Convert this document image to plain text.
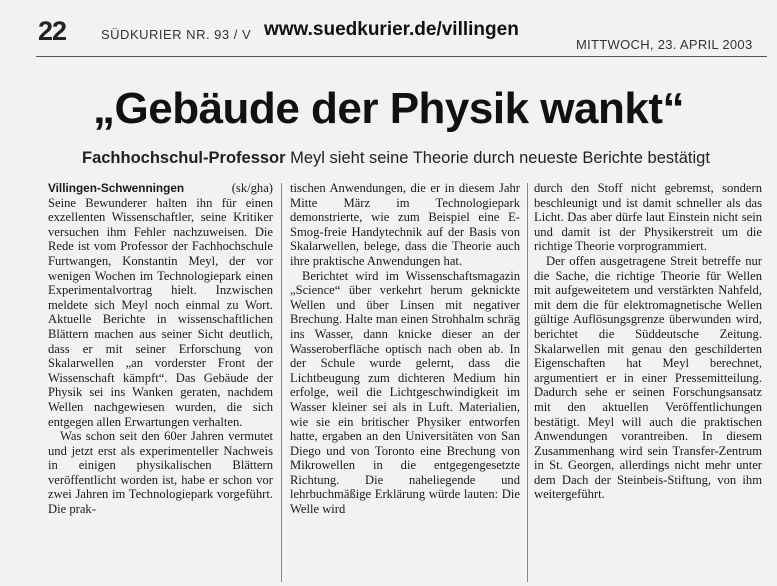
22	SÜDKURIER NR. 93 / V www.suedkurier.de/villingen
MITTWOCH, 23. APRIL 2003
„Gebäude der Physik wankt“
Fachhochschul-Professor Meyl sieht seine Theorie durch neueste Berichte bestätigt

Villingen-Schwenningen	(sk/gha)

Seine Bewunderer halten ihn für einen exzellenten Wissenschaftler, seine Kritiker versuchen ihm Fehler nachzuweisen. Die Rede ist vom Professor der Fachhochschule Furtwangen, Konstantin Meyl, der vor wenigen Wochen im Technologiepark einen Experimentalvortrag hielt. Inzwischen meldete sich Meyl noch einmal zu Wort. Aktuelle Berichte in wissenschaftlichen Blättern machen aus seiner Sicht deutlich, dass er mit seiner Erforschung von Skalarwellen „an vorderster Front der Wissenschaft kämpft“. Das Gebäude der Physik sei ins Wanken geraten, nachdem Wellen nachgewiesen wurden, die sich entgegen allen Erwartungen verhalten.

Was schon seit den 60er Jahren vermutet und jetzt erst als experimenteller Nachweis in einigen physikalischen Blättern veröffentlicht worden ist, habe er schon vor zwei Jahren im Technologiepark vorgeführt. Die prak-

tischen Anwendungen, die er in diesem Jahr Mitte März im Technologiepark demonstrierte, wie zum Beispiel eine E-Smog-freie Handytechnik auf der Basis von Skalarwellen, belege, dass die Theorie auch ihre praktische Anwendungen hat.

Berichtet wird im Wissenschaftsmagazin „Science“ über verkehrt herum geknickte Wellen und über Linsen mit negativer Brechung. Halte man einen Strohhalm schräg ins Wasser, dann knicke dieser an der Wasseroberfläche optisch nach oben ab. In der Schule wurde gelernt, dass die Lichtbeugung zum dichteren Medium hin erfolge, weil die Lichtgeschwindigkeit im Wasser kleiner sei als in Luft. Materialien, wie sie ein britischer Physiker entworfen hatte, ergaben an den Universitäten von San Diego und von Toronto eine Brechung von Mikrowellen in die entgegengesetzte Richtung. Die naheliegende und lehrbuchmäßige Erklärung würde lauten: Die Welle wird

durch den Stoff nicht gebremst, sondern beschleunigt und ist damit schneller als das Licht. Das aber dürfe laut Einstein nicht sein und damit ist der Physikerstreit um die richtige Theorie vorprogrammiert.

Der offen ausgetragene Streit betreffe nur die Sache, die richtige Theorie für Wellen mit aufgeweitetem und verstärkten Nahfeld, mit dem die für elektromagnetische Wellen gültige Auflösungsgrenze überwunden wird, berichtet die Süddeutsche Zeitung. Skalarwellen mit genau den geschilderten Eigenschaften hat Meyl berechnet, argumentiert er in einer Pressemitteilung. Dadurch sehe er seinen Forschungsansatz mit den aktuellen Veröffentlichungen bestätigt. Meyl will auch die praktischen Anwendungen vorantreiben. In diesem Zusammenhang wird sein Transfer-Zentrum in St. Georgen, allerdings nicht mehr unter dem Dach der Steinbeis-Stiftung, von ihm weitergeführt.
